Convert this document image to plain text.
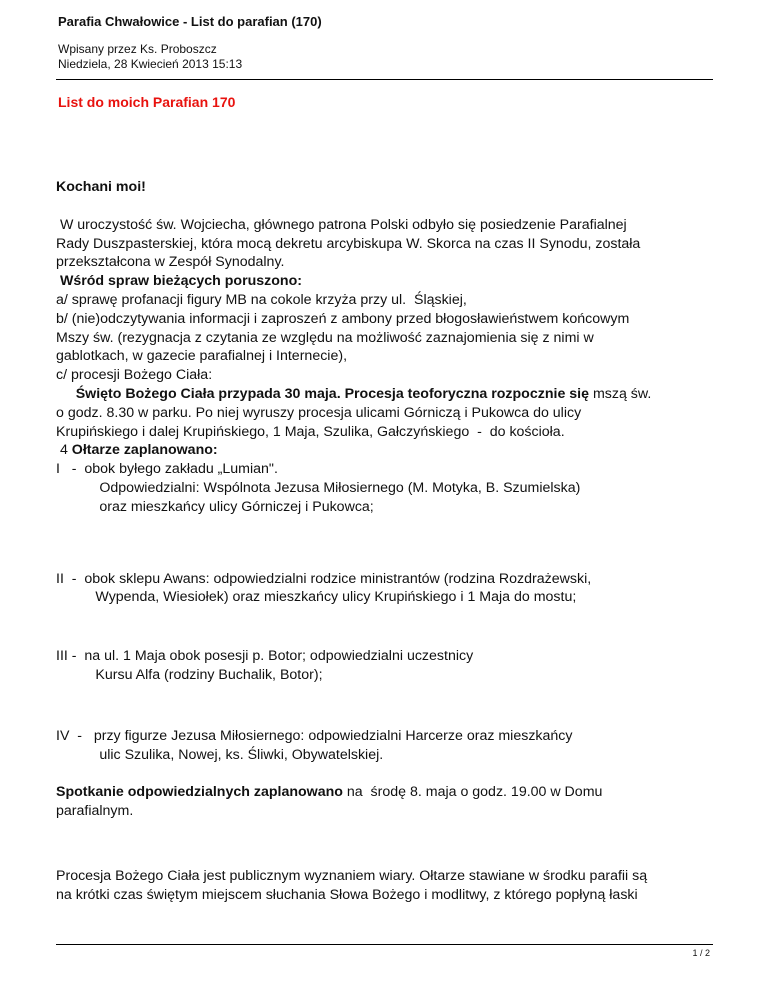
Parafia Chwałowice - List do parafian (170)
Wpisany przez Ks. Proboszcz
Niedziela, 28 Kwiecień 2013 15:13
List do moich Parafian 170

Kochani moi!

W uroczystość św. Wojciecha, głównego patrona Polski odbyło się posiedzenie Parafialnej

Rady Duszpasterskiej, która mocą dekretu arcybiskupa W. Skorca na czas II Synodu, została

przekształcona w Zespół Synodalny.

Wśród spraw bieżących poruszono:

a/ sprawę profanacji figury MB na cokole krzyża przy ul.  Śląskiej,

b/ (nie)odczytywania informacji i zaproszeń z ambony przed błogosławieństwem końcowym

Mszy św. (rezygnacja z czytania ze względu na możliwość zaznajomienia się z nimi w

gablotkach, w gazecie parafialnej i Internecie),

c/ procesji Bożego Ciała:

Święto Bożego Ciała przypada 30 maja. Procesja teoforyczna rozpocznie się mszą św.

o godz. 8.30 w parku. Po niej wyruszy procesja ulicami Górniczą i Pukowca do ulicy

Krupińskiego i dalej Krupińskiego, 1 Maja, Szulika, Gałczyńskiego  -  do kościoła.

4 Ołtarze zaplanowano:

I   -  obok byłego zakładu „Lumian".

Odpowiedzialni: Wspólnota Jezusa Miłosiernego (M. Motyka, B. Szumielska)

oraz mieszkańcy ulicy Górniczej i Pukowca;

II  -  obok sklepu Awans: odpowiedzialni rodzice ministrantów (rodzina Rozdrażewski,

Wypenda, Wiesiołek) oraz mieszkańcy ulicy Krupińskiego i 1 Maja do mostu;

III -  na ul. 1 Maja obok posesji p. Botor; odpowiedzialni uczestnicy

Kursu Alfa (rodziny Buchalik, Botor);

IV  -   przy figurze Jezusa Miłosiernego: odpowiedzialni Harcerze oraz mieszkańcy

ulic Szulika, Nowej, ks. Śliwki, Obywatelskiej.

Spotkanie odpowiedzialnych zaplanowano na  środę 8. maja o godz. 19.00 w Domu

parafialnym.

Procesja Bożego Ciała jest publicznym wyznaniem wiary. Ołtarze stawiane w środku parafii są

na krótki czas świętym miejscem słuchania Słowa Bożego i modlitwy, z którego popłyną łaski

1 / 2
